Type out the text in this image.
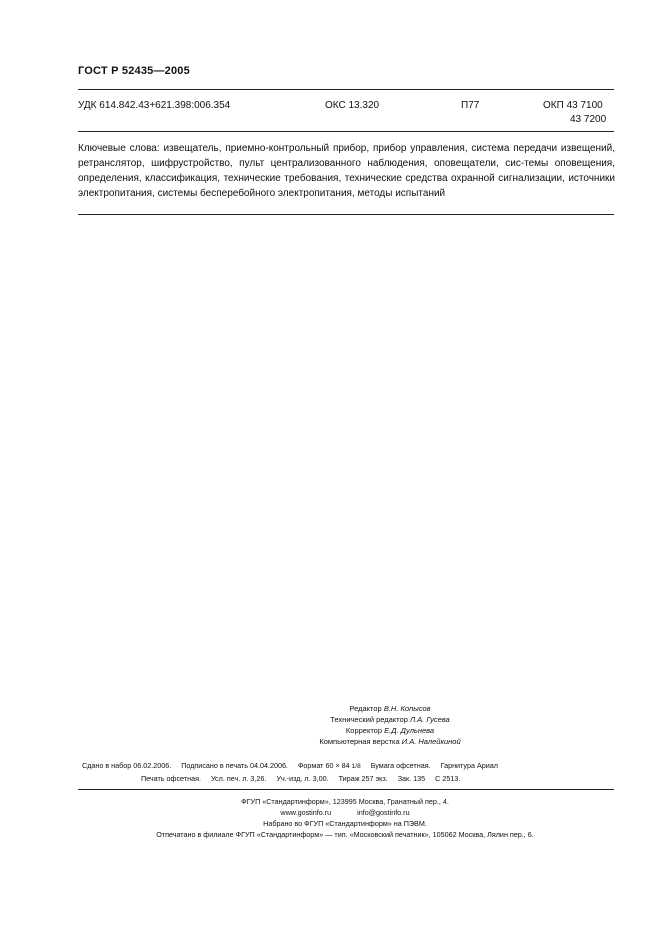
ГОСТ Р 52435—2005
УДК 614.842.43+621.398:006.354	ОКС 13.320	П77	ОКП 43 7100
43 7200
Ключевые слова: извещатель, приемно-контрольный прибор, прибор управления, система передачи извещений, ретранслятор, шифрустройство, пульт централизованного наблюдения, оповещатели, сис-темы оповещения, определения, классификация, технические требования, технические средства охранной сигнализации, источники электропитания, системы бесперебойного электропитания, методы испытаний
Редактор В.Н. Копысов
Технический редактор Л.А. Гусева
Корректор Е.Д. Дульнева
Компьютерная верстка И.А. Налейкиной
Сдано в набор 06.02.2006. Подписано в печать 04.04.2006. Формат 60 × 84 1/8 Бумага офсетная. Гарнитура Ариал
Печать офсетная. Усл. печ. л. 3,26. Уч.-изд. л. 3,00. Тираж 257 экз. Зак. 135 С 2513.
ФГУП «Стандартинформ», 123995 Москва, Гранатный пер., 4.
www.gostinfo.ru	info@gostinfo.ru
Набрано во ФГУП «Стандартинформ» на ПЭВМ.
Отпечатано в филиале ФГУП «Стандартинформ» — тип. «Московский печатник», 105062 Москва, Лялин пер., 6.
